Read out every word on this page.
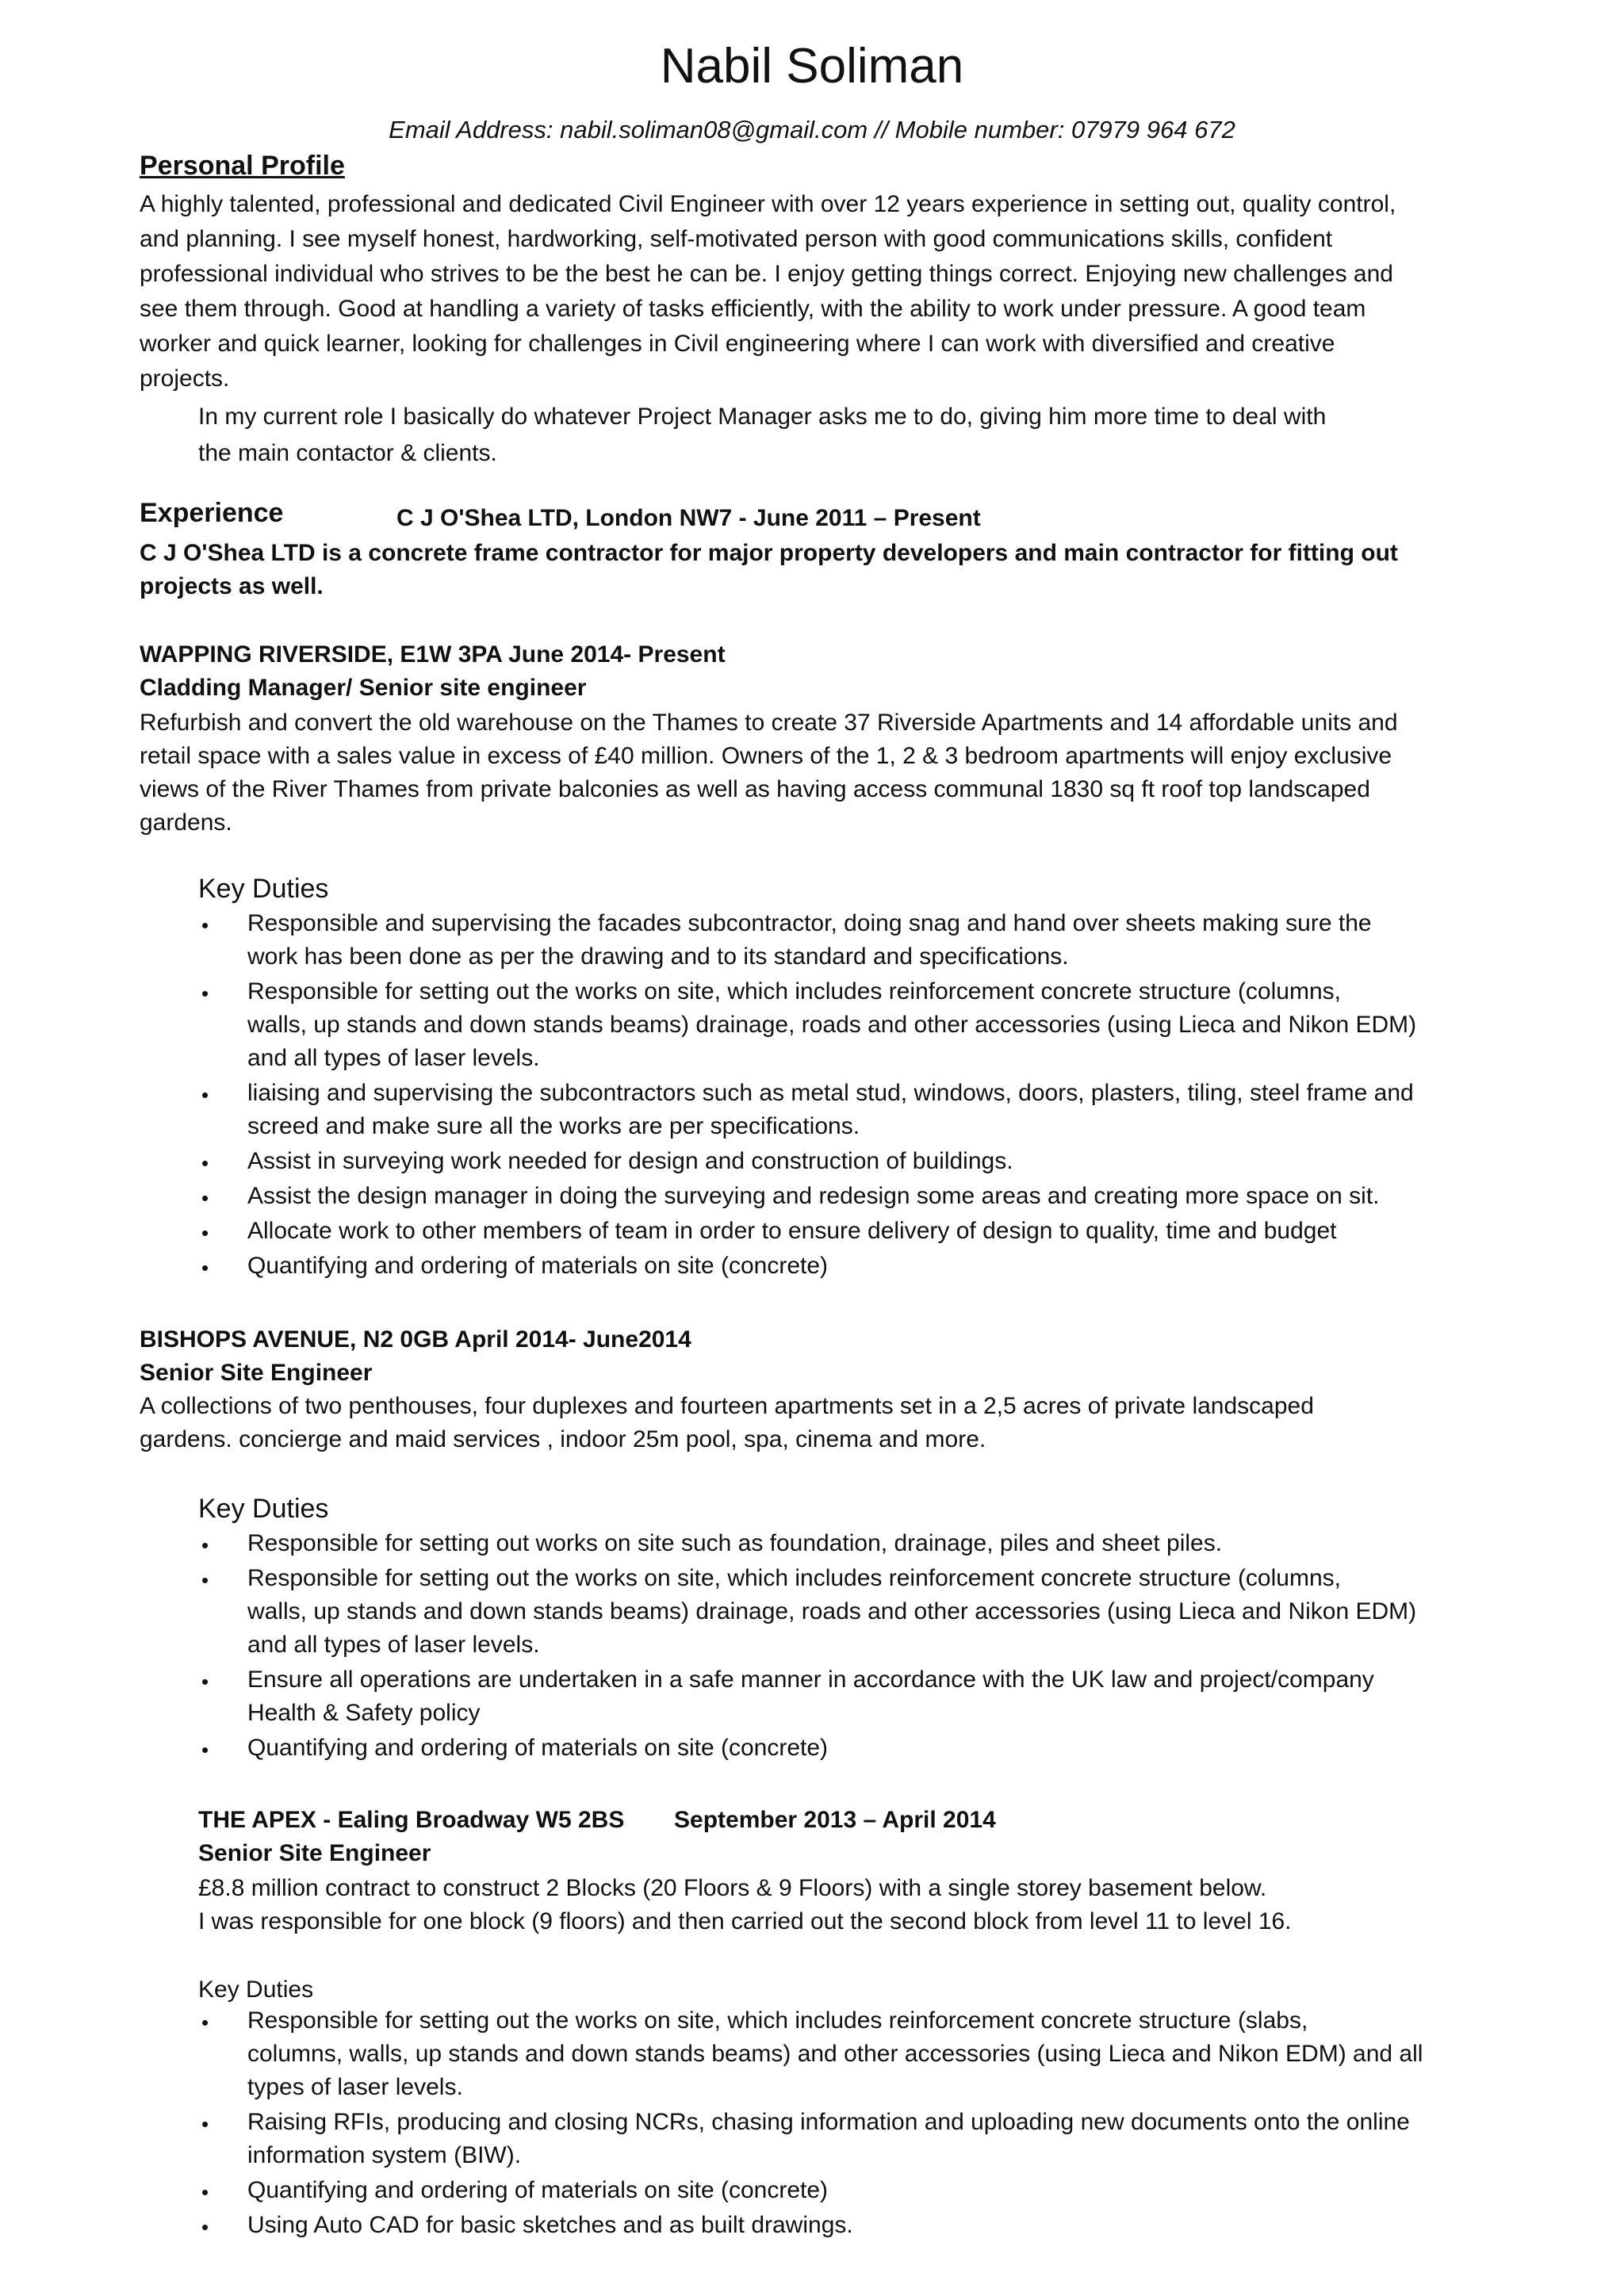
Nabil Soliman
Email Address: nabil.soliman08@gmail.com // Mobile number: 07979 964 672
Personal Profile
A highly talented, professional and dedicated Civil Engineer with over 12 years experience in setting out, quality control,
and planning. I see myself honest, hardworking, self-motivated person with good communications skills, confident
professional individual who strives to be the best he can be. I enjoy getting things correct. Enjoying new challenges and
see them through. Good at handling a variety of tasks efficiently, with the ability to work under pressure. A good team
worker and quick learner, looking for challenges in Civil engineering where I can work with diversified and creative
projects.
In my current role I basically do whatever Project Manager asks me to do, giving him more time to deal with
the main contactor & clients.
Experience	C J O'Shea LTD, London NW7 - June 2011 – Present
C J O'Shea LTD is a concrete frame contractor for major property developers and main contractor for fitting out
projects as well.
WAPPING RIVERSIDE, E1W 3PA June 2014- Present
Cladding Manager/ Senior site engineer
Refurbish and convert the old warehouse on the Thames to create 37 Riverside Apartments and 14 affordable units and
retail space with a sales value in excess of £40 million. Owners of the 1, 2 & 3 bedroom apartments will enjoy exclusive
views of the River Thames from private balconies as well as having access communal 1830 sq ft roof top landscaped
gardens.
Key Duties
• Responsible and supervising the facades subcontractor, doing snag and hand over sheets making sure the
work has been done as per the drawing and to its standard and specifications.
• Responsible for setting out the works on site, which includes reinforcement concrete structure (columns,
walls, up stands and down stands beams) drainage, roads and other accessories (using Lieca and Nikon EDM)
and all types of laser levels.
• liaising and supervising the subcontractors such as metal stud, windows, doors, plasters, tiling, steel frame and
screed and make sure all the works are per specifications.
• Assist in surveying work needed for design and construction of buildings.
• Assist the design manager in doing the surveying and redesign some areas and creating more space on sit.
• Allocate work to other members of team in order to ensure delivery of design to quality, time and budget
• Quantifying and ordering of materials on site (concrete)
BISHOPS AVENUE, N2 0GB April 2014- June2014
Senior Site Engineer
A collections of two penthouses, four duplexes and fourteen apartments set in a 2,5 acres of private landscaped
gardens. concierge and maid services , indoor 25m pool, spa, cinema and more.
Key Duties
• Responsible for setting out works on site such as foundation, drainage, piles and sheet piles.
• Responsible for setting out the works on site, which includes reinforcement concrete structure (columns,
walls, up stands and down stands beams) drainage, roads and other accessories (using Lieca and Nikon EDM)
and all types of laser levels.
• Ensure all operations are undertaken in a safe manner in accordance with the UK law and project/company
Health & Safety policy
• Quantifying and ordering of materials on site (concrete)
THE APEX - Ealing Broadway W5 2BS September 2013 – April 2014
Senior Site Engineer
£8.8 million contract to construct 2 Blocks (20 Floors & 9 Floors) with a single storey basement below.
I was responsible for one block (9 floors) and then carried out the second block from level 11 to level 16.
Key Duties
• Responsible for setting out the works on site, which includes reinforcement concrete structure (slabs,
columns, walls, up stands and down stands beams) and other accessories (using Lieca and Nikon EDM) and all
types of laser levels.
• Raising RFIs, producing and closing NCRs, chasing information and uploading new documents onto the online
information system (BIW).
• Quantifying and ordering of materials on site (concrete)
• Using Auto CAD for basic sketches and as built drawings.
